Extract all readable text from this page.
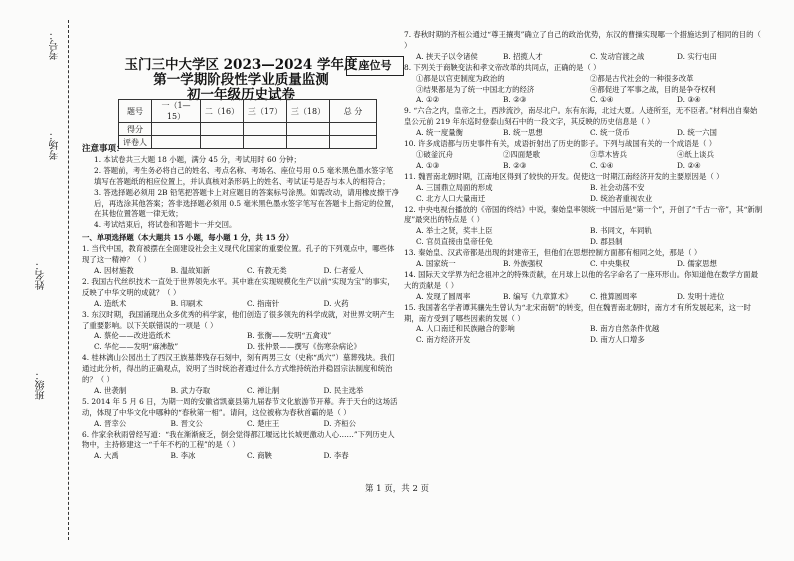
考号：
考场：
姓名：
班级：
座位号
玉门三中大学区 2023—2024 学年度
第一学期阶段性学业质量监测
初一年级历史试卷
题号	一（1—15）	二（16）	三（17）	三（18）	总 分
得分					
评卷人					
注意事项：
1. 本试卷共三大题 18 小题，满分 45 分，考试用时 60 分钟；
2. 答题前，考生务必将自己的姓名、考点名称、考场名、座位号用 0.5 毫米黑色墨水签字笔填写在答题纸的相应位置上，并认真核对条形码上的姓名、考试证号是否与本人的相符合；
3. 答选择题必须用 2B 铅笔把答题卡上对应题目的答案标号涂黑。如需改动，请用橡皮擦干净后，再选涂其他答案；答非选择题必须用 0.5 毫米黑色墨水签字笔写在答题卡上指定的位置，在其他位置答题一律无效；
4. 考试结束后，将试卷和答题卡一并交回。
一、单项选择题（本大题共 15 小题，每小题 1 分，共 15 分）
1. 当代中国，教育被摆在全面建设社会主义现代化国家的重要位置。孔子的下列观点中，哪些体现了这一精神？（ ）
A. 因材施教	B. 温故知新	C. 有教无类	D. 仁者爱人
2. 我国古代丝织技术一直处于世界领先水平。其中谁在实现规模化生产以前“实现为宝”的事实，反映了中华文明的成就？（ ）
A. 造纸术	B. 印刷术	C. 指南针	D. 火药
3. 东汉时期，我国涌现出众多优秀的科学家，他们创造了很多领先的科学成就，对世界文明产生了重要影响。以下关联错误的一项是（ ）
A. 蔡伦——改进造纸术	B. 张衡——发明“五禽戏”
C. 华佗——发明“麻沸散”	D. 张仲景——撰写《伤寒杂病论》
4. 桂林漓山公园出土了西汉王族墓葬残存石刻中，刻有两男三女（史称“禹穴”）墓葬残块。我们通过此分析，得出的正确观点，说明了当时统治者通过什么方式维持统治并稳固宗法制度和统治的？（ ）
A. 世袭制	B. 武力夺取	C. 禅让制	D. 民主选举
5. 2014 年 5 月 6 日，为期一周的安徽省凯豪县第九届春节文化旅游节开幕。奔于天台的这场活动，体现了中华文化中哪种的“春秋第一相”。请问，这位被称为春秋首霸的是（ ）
A. 晋幸公	B. 晋文公	C. 楚庄王	D. 齐桓公
6. 作家余秋雨曾经写道：“我在渐渐疲乏，倒会觉得都江堰远比长城更激动人心……”下列历史人物中，主持修建这一“千年不朽的工程”的是（ ）
A. 大禹	B. 李冰	C. 商鞅	D. 李春
7. 春秋时期的齐桓公通过“尊王攘夷”确立了自己的政治优势，东汉的曹操实现哪一个措施达到了相同的目的（ ）
A. 挟天子以令诸侯	B. 招揽人才	C. 发动官渡之战	D. 实行屯田
8. 下列关于商鞅变法和孝文帝改革的共同点，正确的是（ ）
①都是以官吏制度为政治的	②都是古代社会的一种很多改革
③结果都是为了统一中国北方的经济	④都促进了军事之战，目的是争夺权利
A. ①②	B. ②③	C. ①④	D. ③④
9. “六合之内，皇帝之土，西涉流沙，南尽北户。东有东海，北过大夏。人迹所至，无不臣者。”材料出自秦始皇公元前 219 年东巡时登泰山刻石中的一段文字，其反映的历史信息是（ ）
A. 统一度量衡	B. 统一思想	C. 统一货币	D. 统一六国
10. 许多成语都与历史事件有关，成语折射出了历史的影子。下列与战国有关的一个成语是（ ）
①破釜沉舟	②四面楚歌	③草木皆兵	④纸上谈兵
A. ①③	B. ②③	C. ①④	D. ②④
11. 魏晋南北朝时期，江南地区得到了较快的开发。促使这一时期江南经济开发的主要原因是（ ）
A. 三国鼎立局面的形成	B. 社会动荡不安
C. 北方人口大量南迁	D. 统治者重视农业
12. 中央电视台播放的《帝国的终结》中说，秦始皇率领统一中国后是“第一个”，开创了“千古一帝”，其“新制度”最突出的特点是（ ）
A. 举士之贤，奖丰上臣	B. 书同文，车同轨
C. 官员直接由皇帝任免	D. 郡县制
13. 秦始皇、汉武帝都是出现的封建帝王，但他们在思想控制方面都有相同之处，那是（ ）
A. 国家统一	B. 外族强权	C. 中央集权	D. 儒家思想
14. 国际天文学界为纪念祖冲之的特殊贡献，在月球上以他的名字命名了一座环形山。你知道他在数学方面最大的贡献是（ ）
A. 发现了圆周率	B. 编写《九章算术》	C. 推算圆周率	D. 发明十进位
15. 我国著名学者谭其骧先生曾认为“北宋南朝”的转变，但在魏晋南北朝时，南方才有所发展起来，这一时期，南方受到了哪些因素的发展（ ）
A. 人口南迁和民族融合的影响	B. 南方自然条件优越
C. 南方经济开发	D. 南方人口增多
第 1 页，共 2 页
